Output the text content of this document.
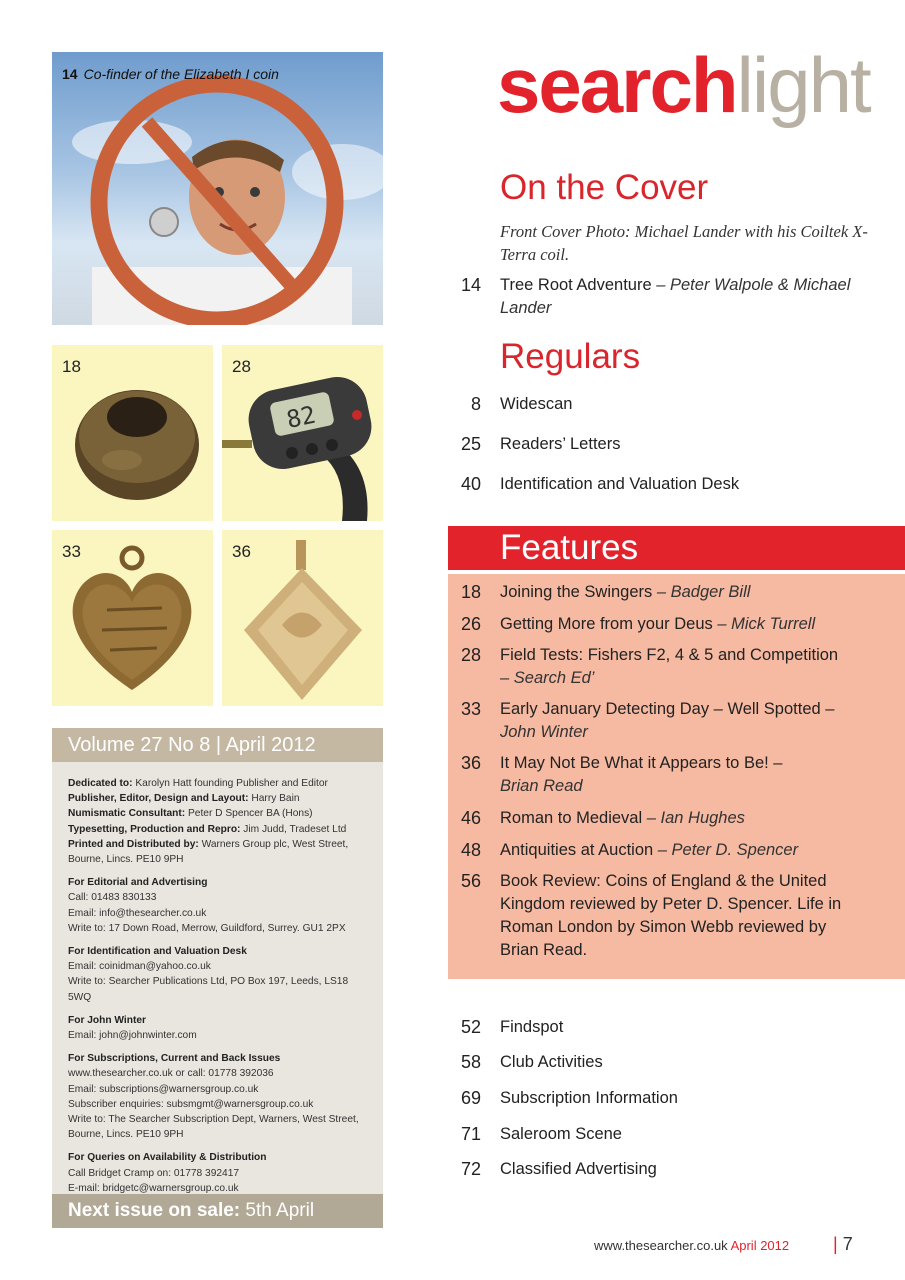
14 Co-finder of the Elizabeth I coin
18
82
28
33	36
Volume 27 No 8 | April 2012
Dedicated to: Karolyn Hatt founding Publisher and Editor
Publisher, Editor, Design and Layout: Harry Bain
Numismatic Consultant: Peter D Spencer BA (Hons)
Typesetting, Production and Repro: Jim Judd, Tradeset Ltd
Printed and Distributed by: Warners Group plc, West Street, Bourne, Lincs. PE10 9PH
For Editorial and Advertising
Call: 01483 830133
Email: info@thesearcher.co.uk
Write to: 17 Down Road, Merrow, Guildford, Surrey. GU1 2PX
For Identification and Valuation Desk
Email: coinidman@yahoo.co.uk
Write to: Searcher Publications Ltd, PO Box 197, Leeds, LS18 5WQ
For John Winter
Email: john@johnwinter.com
For Subscriptions, Current and Back Issues
www.thesearcher.co.uk or call: 01778 392036
Email: subscriptions@warnersgroup.co.uk
Subscriber enquiries: subsmgmt@warnersgroup.co.uk
Write to: The Searcher Subscription Dept, Warners, West Street, Bourne, Lincs. PE10 9PH
For Queries on Availability & Distribution
Call Bridget Cramp on: 01778 392417
E-mail: bridgetc@warnersgroup.co.uk
Next issue on sale: 5th April
searchlight
On the Cover
Front Cover Photo: Michael Lander with his Coiltek X-Terra coil.
14 Tree Root Adventure – Peter Walpole & Michael Lander
Regulars
8 Widescan
25 Readers’ Letters
40 Identification and Valuation Desk
Features
18 Joining the Swingers – Badger Bill
26 Getting More from your Deus – Mick Turrell
28 Field Tests: Fishers F2, 4 & 5 and Competition
– Search Ed’
33 Early January Detecting Day – Well Spotted –
John Winter
36 It May Not Be What it Appears to Be! –
Brian Read
46 Roman to Medieval – Ian Hughes
48 Antiquities at Auction – Peter D. Spencer
56 Book Review: Coins of England & the United Kingdom reviewed by Peter D. Spencer. Life in Roman London by Simon Webb reviewed by Brian Read.
52 Findspot
58 Club Activities
69 Subscription Information
71 Saleroom Scene
72 Classified Advertising
www.thesearcher.co.uk April 2012 | 7
